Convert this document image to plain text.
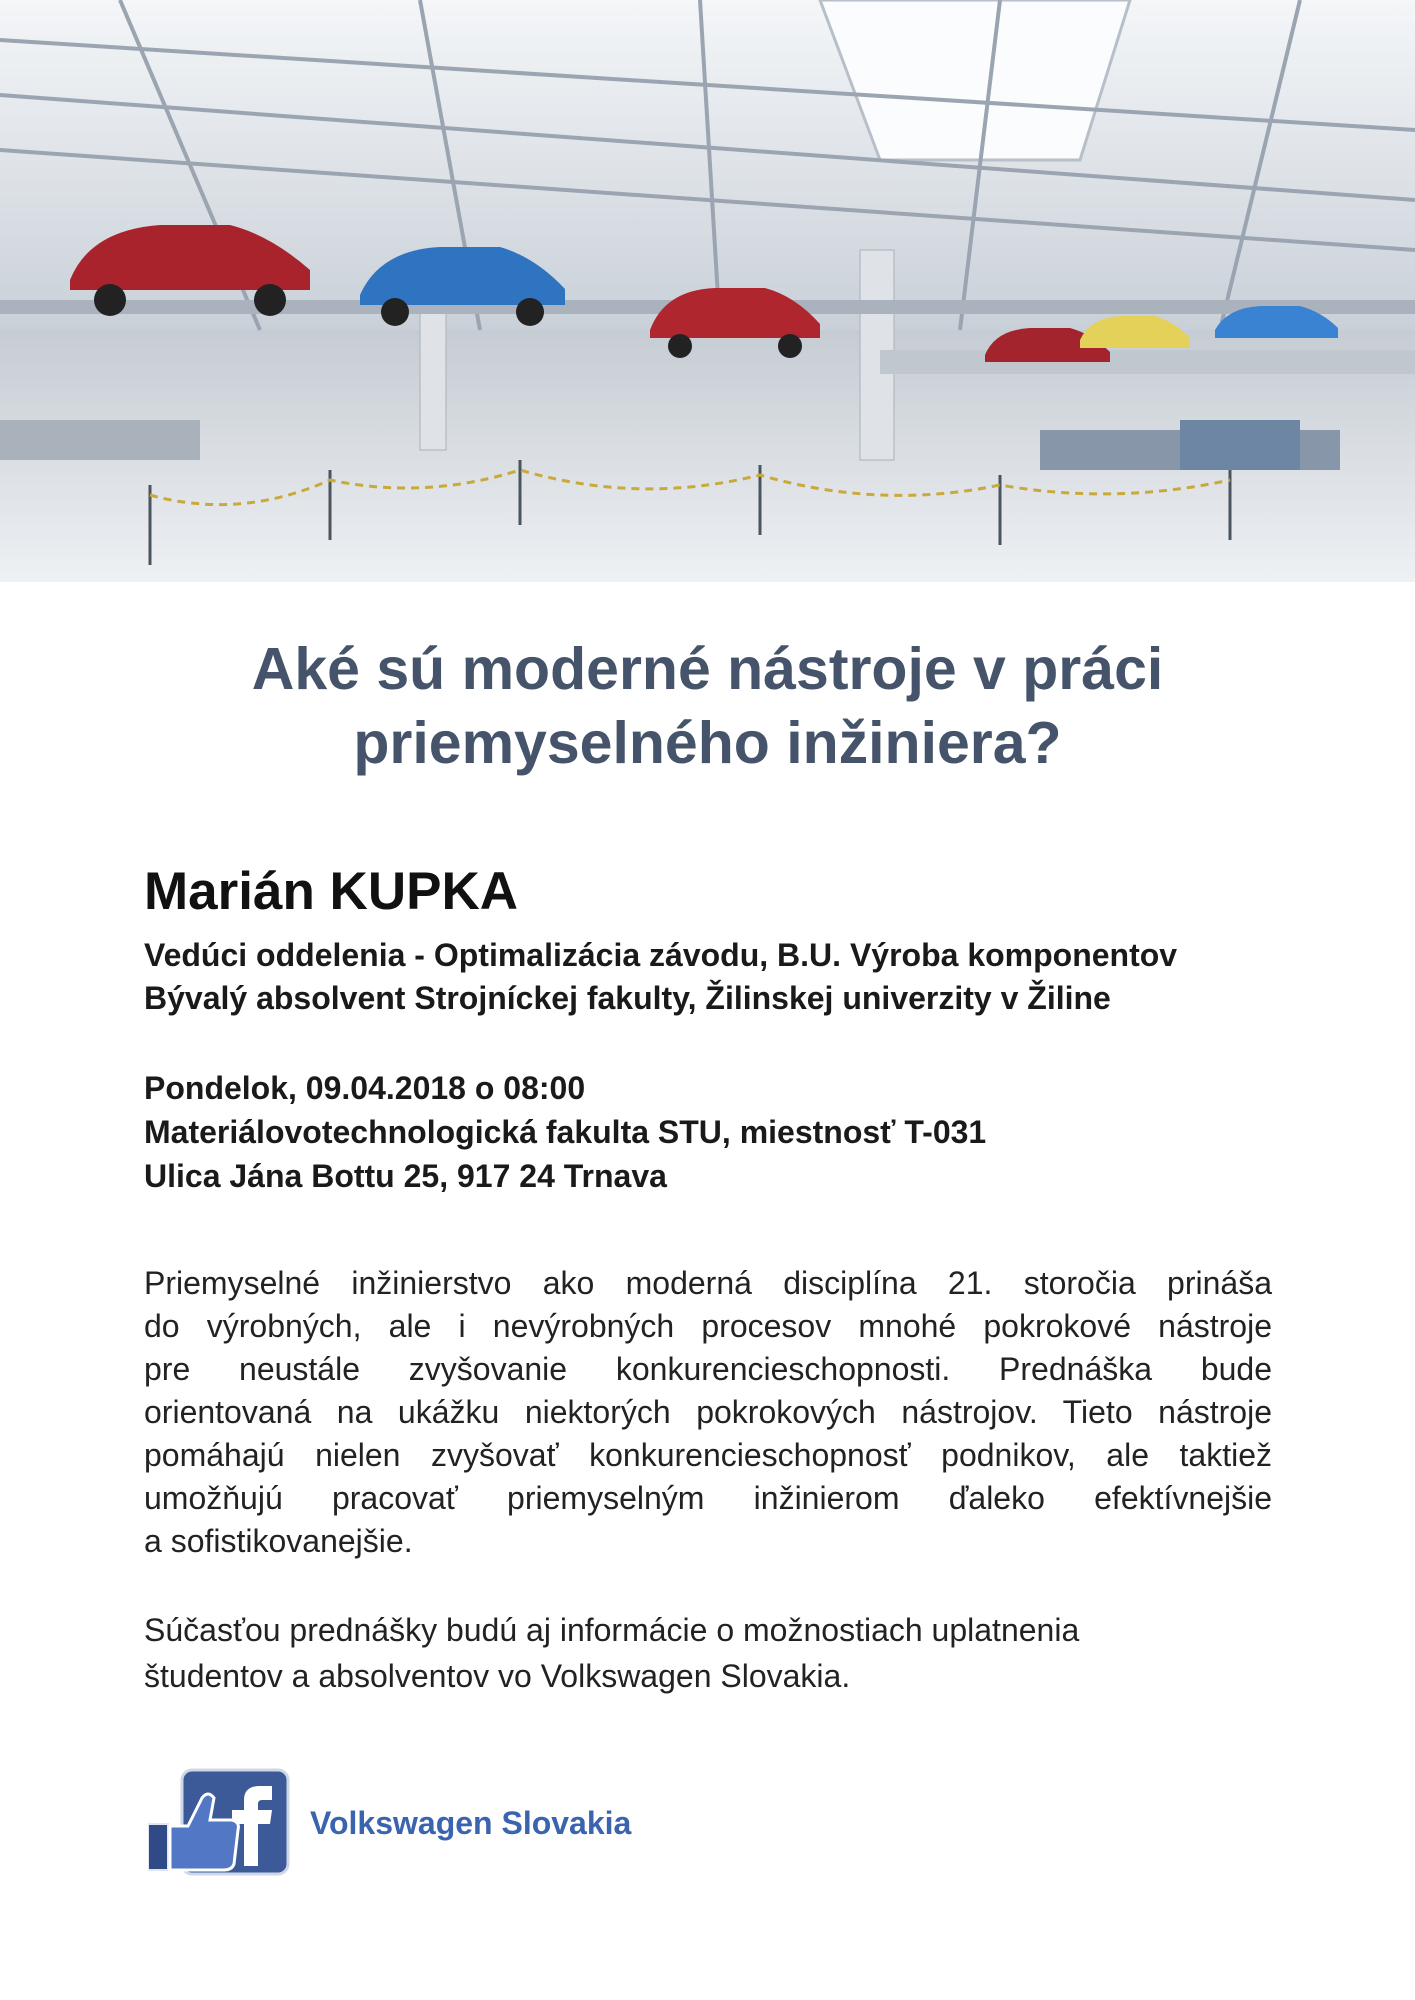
Aké sú moderné nástroje v práci
priemyselného inžiniera?
Marián KUPKA
Vedúci oddelenia - Optimalizácia závodu, B.U. Výroba komponentov
Bývalý absolvent Strojníckej fakulty, Žilinskej univerzity v Žiline
Pondelok, 09.04.2018 o 08:00
Materiálovotechnologická fakulta STU, miestnosť T-031
Ulica Jána Bottu 25, 917 24 Trnava
Priemyselné inžinierstvo ako moderná disciplína 21. storočia prináša
do výrobných, ale i nevýrobných procesov mnohé pokrokové nástroje
pre neustále zvyšovanie konkurencieschopnosti. Prednáška bude
orientovaná na ukážku niektorých pokrokových nástrojov. Tieto nástroje
pomáhajú nielen zvyšovať konkurencieschopnosť podnikov, ale taktiež
umožňujú pracovať priemyselným inžinierom ďaleko efektívnejšie
a sofistikovanejšie.
Súčasťou prednášky budú aj informácie o možnostiach uplatnenia
študentov a absolventov vo Volkswagen Slovakia.
Volkswagen Slovakia
